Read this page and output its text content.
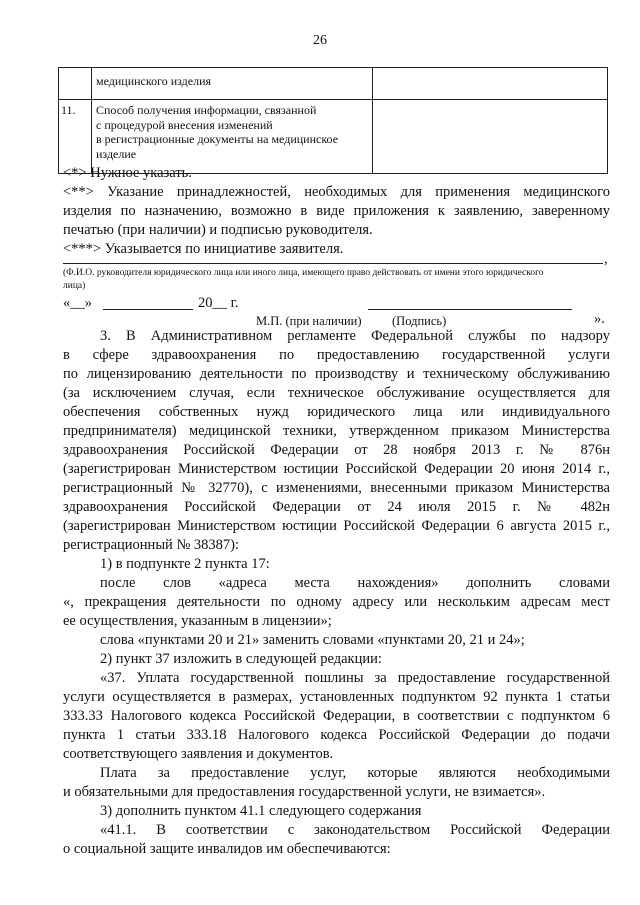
26

	медицинского изделия	

11.	Способ получения информации, связанной
с процедурой внесения изменений
в регистрационные документы на медицинское
изделие	

<*> Нужное указать.
<**> Указание принадлежностей, необходимых для применения медицинского
изделия по назначению, возможно в виде приложения к заявлению, заверенному
печатью (при наличии) и подписью руководителя.
<***> Указывается по инициативе заявителя.
,
(Ф.И.О. руководителя юридического лица или иного лица, имеющего право действовать от имени этого юридического
лица)
«__»	20__ г.
М.П. (при наличии) (Подпись)	».
3. В Административном регламенте Федеральной службы по надзору
в сфере здравоохранения по предоставлению государственной услуги
по лицензированию деятельности по производству и техническому обслуживанию
(за исключением случая, если техническое обслуживание осуществляется для
обеспечения собственных нужд юридического лица или индивидуального
предпринимателя) медицинской техники, утвержденном приказом Министерства
здравоохранения Российской Федерации от 28 ноября 2013 г. № 876н
(зарегистрирован Министерством юстиции Российской Федерации 20 июня 2014 г.,
регистрационный № 32770), с изменениями, внесенными приказом Министерства
здравоохранения Российской Федерации от 24 июля 2015 г. № 482н
(зарегистрирован Министерством юстиции Российской Федерации 6 августа 2015 г.,
регистрационный № 38387):
1) в подпункте 2 пункта 17:
после слов «адреса места нахождения» дополнить словами
«, прекращения деятельности по одному адресу или нескольким адресам мест
ее осуществления, указанным в лицензии»;
слова «пунктами 20 и 21» заменить словами «пунктами 20, 21 и 24»;
2) пункт 37 изложить в следующей редакции:
«37. Уплата государственной пошлины за предоставление государственной
услуги осуществляется в размерах, установленных подпунктом 92 пункта 1 статьи
333.33 Налогового кодекса Российской Федерации, в соответствии с подпунктом 6
пункта 1 статьи 333.18 Налогового кодекса Российской Федерации до подачи
соответствующего заявления и документов.
Плата за предоставление услуг, которые являются необходимыми
и обязательными для предоставления государственной услуги, не взимается».
3) дополнить пунктом 41.1 следующего содержания
«41.1. В соответствии с законодательством Российской Федерации
о социальной защите инвалидов им обеспечиваются:
